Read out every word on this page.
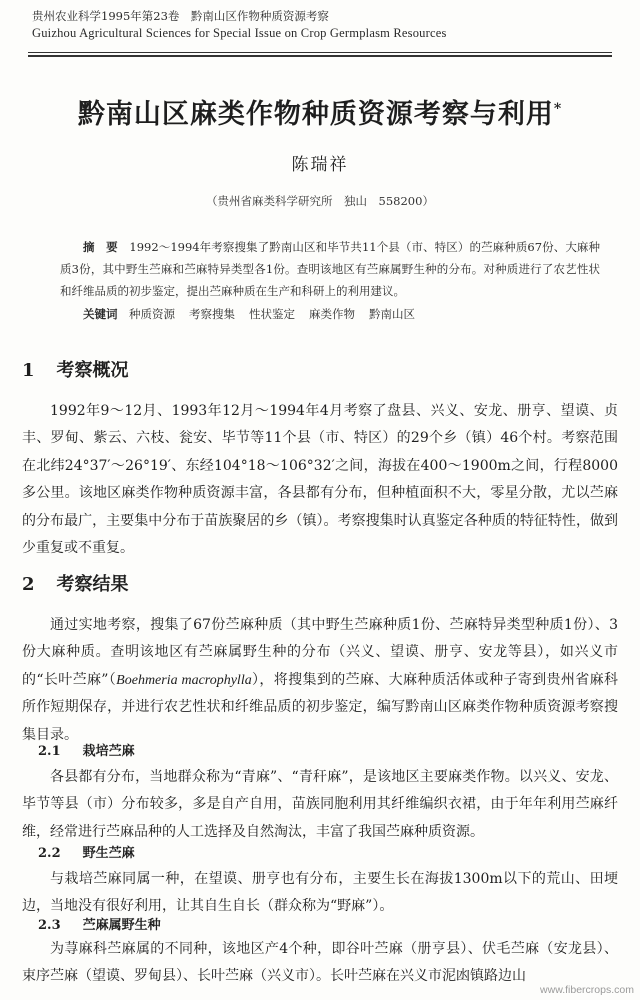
贵州农业科学1995年第23卷　黔南山区作物种质资源考察
Guizhou Agricultural Sciences for Special Issue on Crop Germplasm Resources
黔南山区麻类作物种质资源考察与利用*
陈瑞祥
（贵州省麻类科学研究所　独山　558200）
摘　要　 1992～1994年考察搜集了黔南山区和毕节共11个县（市、特区）的苎麻种质67份、大麻种质3份，其中野生苎麻和苎麻特异类型各1份。查明该地区有苎麻属野生种的分布。对种质进行了农艺性状和纤维品质的初步鉴定，提出苎麻种质在生产和科研上的利用建议。
关键词　 种质资源 考察搜集 性状鉴定 麻类作物 黔南山区
1 考察概况
1992年9～12月、1993年12月～1994年4月考察了盘县、兴义、安龙、册亨、望谟、贞丰、罗甸、紫云、六枝、瓮安、毕节等11个县（市、特区）的29个乡（镇）46个村。考察范围在北纬24°37′～26°19′、东经104°18～106°32′之间，海拔在400～1900m之间，行程8000多公里。该地区麻类作物种质资源丰富，各县都有分布，但种植面积不大，零星分散，尤以苎麻的分布最广，主要集中分布于苗族聚居的乡（镇）。考察搜集时认真鉴定各种质的特征特性，做到少重复或不重复。
2 考察结果
通过实地考察，搜集了67份苎麻种质（其中野生苎麻种质1份、苎麻特异类型种质1份）、3份大麻种质。查明该地区有苎麻属野生种的分布（兴义、望谟、册亨、安龙等县），如兴义市的“长叶苎麻”（Boehmeria macrophylla），将搜集到的苎麻、大麻种质活体或种子寄到贵州省麻科所作短期保存，并进行农艺性状和纤维品质的初步鉴定，编写黔南山区麻类作物种质资源考察搜集目录。
2.1 栽培苎麻
各县都有分布，当地群众称为“青麻”、“青秆麻”，是该地区主要麻类作物。以兴义、安龙、毕节等县（市）分布较多，多是自产自用，苗族同胞利用其纤维编织衣裙，由于年年利用苎麻纤维，经常进行苎麻品种的人工选择及自然淘汰，丰富了我国苎麻种质资源。
2.2 野生苎麻
与栽培苎麻同属一种，在望谟、册亨也有分布，主要生长在海拔1300m以下的荒山、田埂边，当地没有很好利用，让其自生自长（群众称为“野麻”）。
2.3 苎麻属野生种
为荨麻科苎麻属的不同种，该地区产4个种，即谷叶苎麻（册亨县）、伏毛苎麻（安龙县）、束序苎麻（望谟、罗甸县）、长叶苎麻（兴义市）。长叶苎麻在兴义市泥凼镇路边山
www.fibercrops.com
